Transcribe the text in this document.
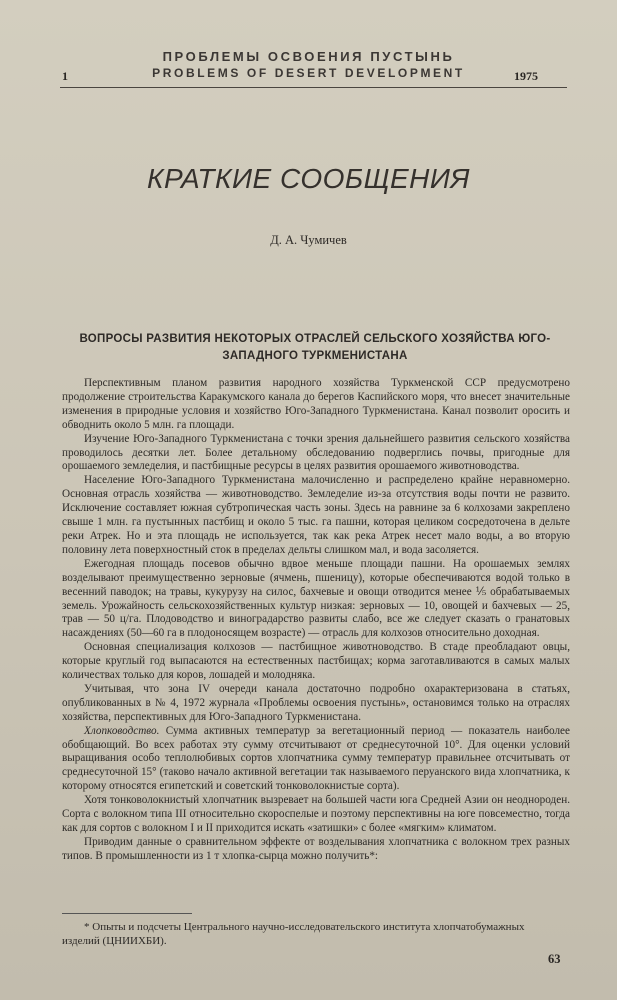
ПРОБЛЕМЫ ОСВОЕНИЯ ПУСТЫНЬ
1	PROBLEMS OF DESERT DEVELOPMENT	1975
КРАТКИЕ СООБЩЕНИЯ
Д. А. Чумичев
ВОПРОСЫ РАЗВИТИЯ НЕКОТОРЫХ ОТРАСЛЕЙ СЕЛЬСКОГО ХОЗЯЙСТВА ЮГО-ЗАПАДНОГО ТУРКМЕНИСТАНА

Перспективным планом развития народного хозяйства Туркменской ССР предусмотрено продолжение строительства Каракумского канала до берегов Каспийского моря, что внесет значительные изменения в природные условия и хозяйство Юго-Западного Туркменистана. Канал позволит оросить и обводнить около 5 млн. га площади.

Изучение Юго-Западного Туркменистана с точки зрения дальнейшего развития сельского хозяйства проводилось десятки лет. Более детальному обследованию подверглись почвы, пригодные для орошаемого земледелия, и пастбищные ресурсы в целях развития орошаемого животноводства.

Население Юго-Западного Туркменистана малочисленно и распределено крайне неравномерно. Основная отрасль хозяйства — животноводство. Земледелие из-за отсутствия воды почти не развито. Исключение составляет южная субтропическая часть зоны. Здесь на равнине за 6 колхозами закреплено свыше 1 млн. га пустынных пастбищ и около 5 тыс. га пашни, которая целиком сосредоточена в дельте реки Атрек. Но и эта площадь не используется, так как река Атрек несет мало воды, а во вторую половину лета поверхностный сток в пределах дельты слишком мал, и вода засоляется.

Ежегодная площадь посевов обычно вдвое меньше площади пашни. На орошаемых землях возделывают преимущественно зерновые (ячмень, пшеницу), которые обеспечиваются водой только в весенний паводок; на травы, кукурузу на силос, бахчевые и овощи отводится менее ⅕ обрабатываемых земель. Урожайность сельскохозяйственных культур низкая: зерновых — 10, овощей и бахчевых — 25, трав — 50 ц/га. Плодоводство и виноградарство развиты слабо, все же следует сказать о гранатовых насаждениях (50—60 га в плодоносящем возрасте) — отрасль для колхозов относительно доходная.

Основная специализация колхозов — пастбищное животноводство. В стаде преобладают овцы, которые круглый год выпасаются на естественных пастбищах; корма заготавливаются в самых малых количествах только для коров, лошадей и молодняка.

Учитывая, что зона IV очереди канала достаточно подробно охарактеризована в статьях, опубликованных в № 4, 1972 журнала «Проблемы освоения пустынь», остановимся только на отраслях хозяйства, перспективных для Юго-Западного Туркменистана.

Хлопководство. Сумма активных температур за вегетационный период — показатель наиболее обобщающий. Во всех работах эту сумму отсчитывают от среднесуточной 10°. Для оценки условий выращивания особо теплолюбивых сортов хлопчатника сумму температур правильнее отсчитывать от среднесуточной 15° (таково начало активной вегетации так называемого перуанского вида хлопчатника, к которому относятся египетский и советский тонковолокнистые сорта).

Хотя тонковолокнистый хлопчатник вызревает на большей части юга Средней Азии он неоднороден. Сорта с волокном типа III относительно скороспелые и поэтому перспективны на юге повсеместно, тогда как для сортов с волокном I и II приходится искать «затишки» с более «мягким» климатом.

Приводим данные о сравнительном эффекте от возделывания хлопчатника с волокном трех разных типов. В промышленности из 1 т хлопка-сырца можно получить*:

* Опыты и подсчеты Центрального научно-исследовательского института хлопчатобумажных изделий (ЦНИИХБИ).
63
